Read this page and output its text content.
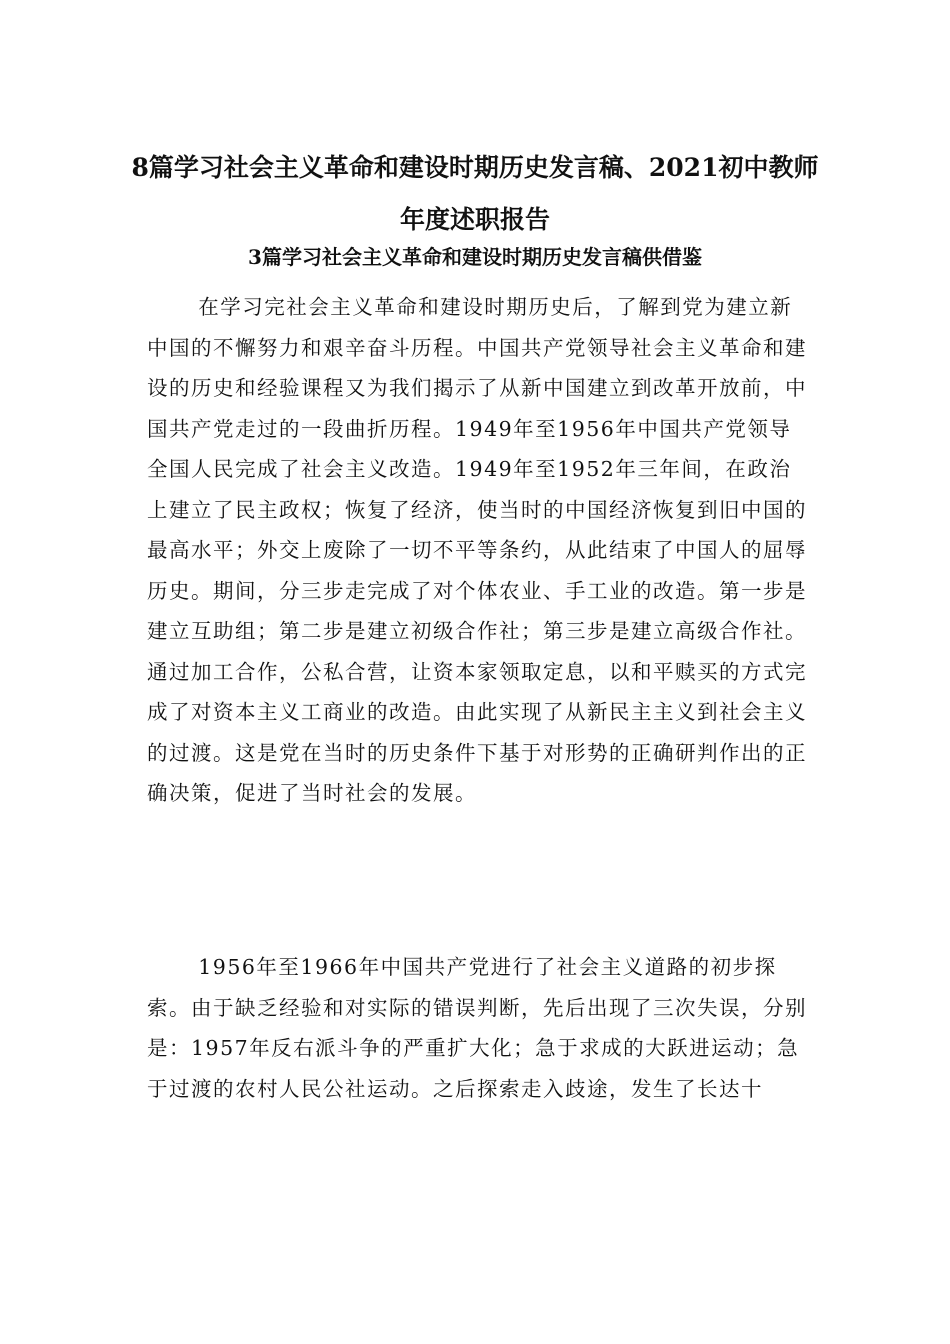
8篇学习社会主义革命和建设时期历史发言稿、2021初中教师年度述职报告
3篇学习社会主义革命和建设时期历史发言稿供借鉴

在学习完社会主义革命和建设时期历史后，了解到党为建立新中国的不懈努力和艰辛奋斗历程。中国共产党领导社会主义革命和建设的历史和经验课程又为我们揭示了从新中国建立到改革开放前，中国共产党走过的一段曲折历程。1949年至1956年中国共产党领导全国人民完成了社会主义改造。1949年至1952年三年间，在政治上建立了民主政权；恢复了经济，使当时的中国经济恢复到旧中国的最高水平；外交上废除了一切不平等条约，从此结束了中国人的屈辱历史。期间，分三步走完成了对个体农业、手工业的改造。第一步是建立互助组；第二步是建立初级合作社；第三步是建立高级合作社。通过加工合作，公私合营，让资本家领取定息，以和平赎买的方式完成了对资本主义工商业的改造。由此实现了从新民主主义到社会主义的过渡。这是党在当时的历史条件下基于对形势的正确研判作出的正确决策，促进了当时社会的发展。

1956年至1966年中国共产党进行了社会主义道路的初步探索。由于缺乏经验和对实际的错误判断，先后出现了三次失误，分别是：1957年反右派斗争的严重扩大化；急于求成的大跃进运动；急于过渡的农村人民公社运动。之后探索走入歧途，发生了长达十
